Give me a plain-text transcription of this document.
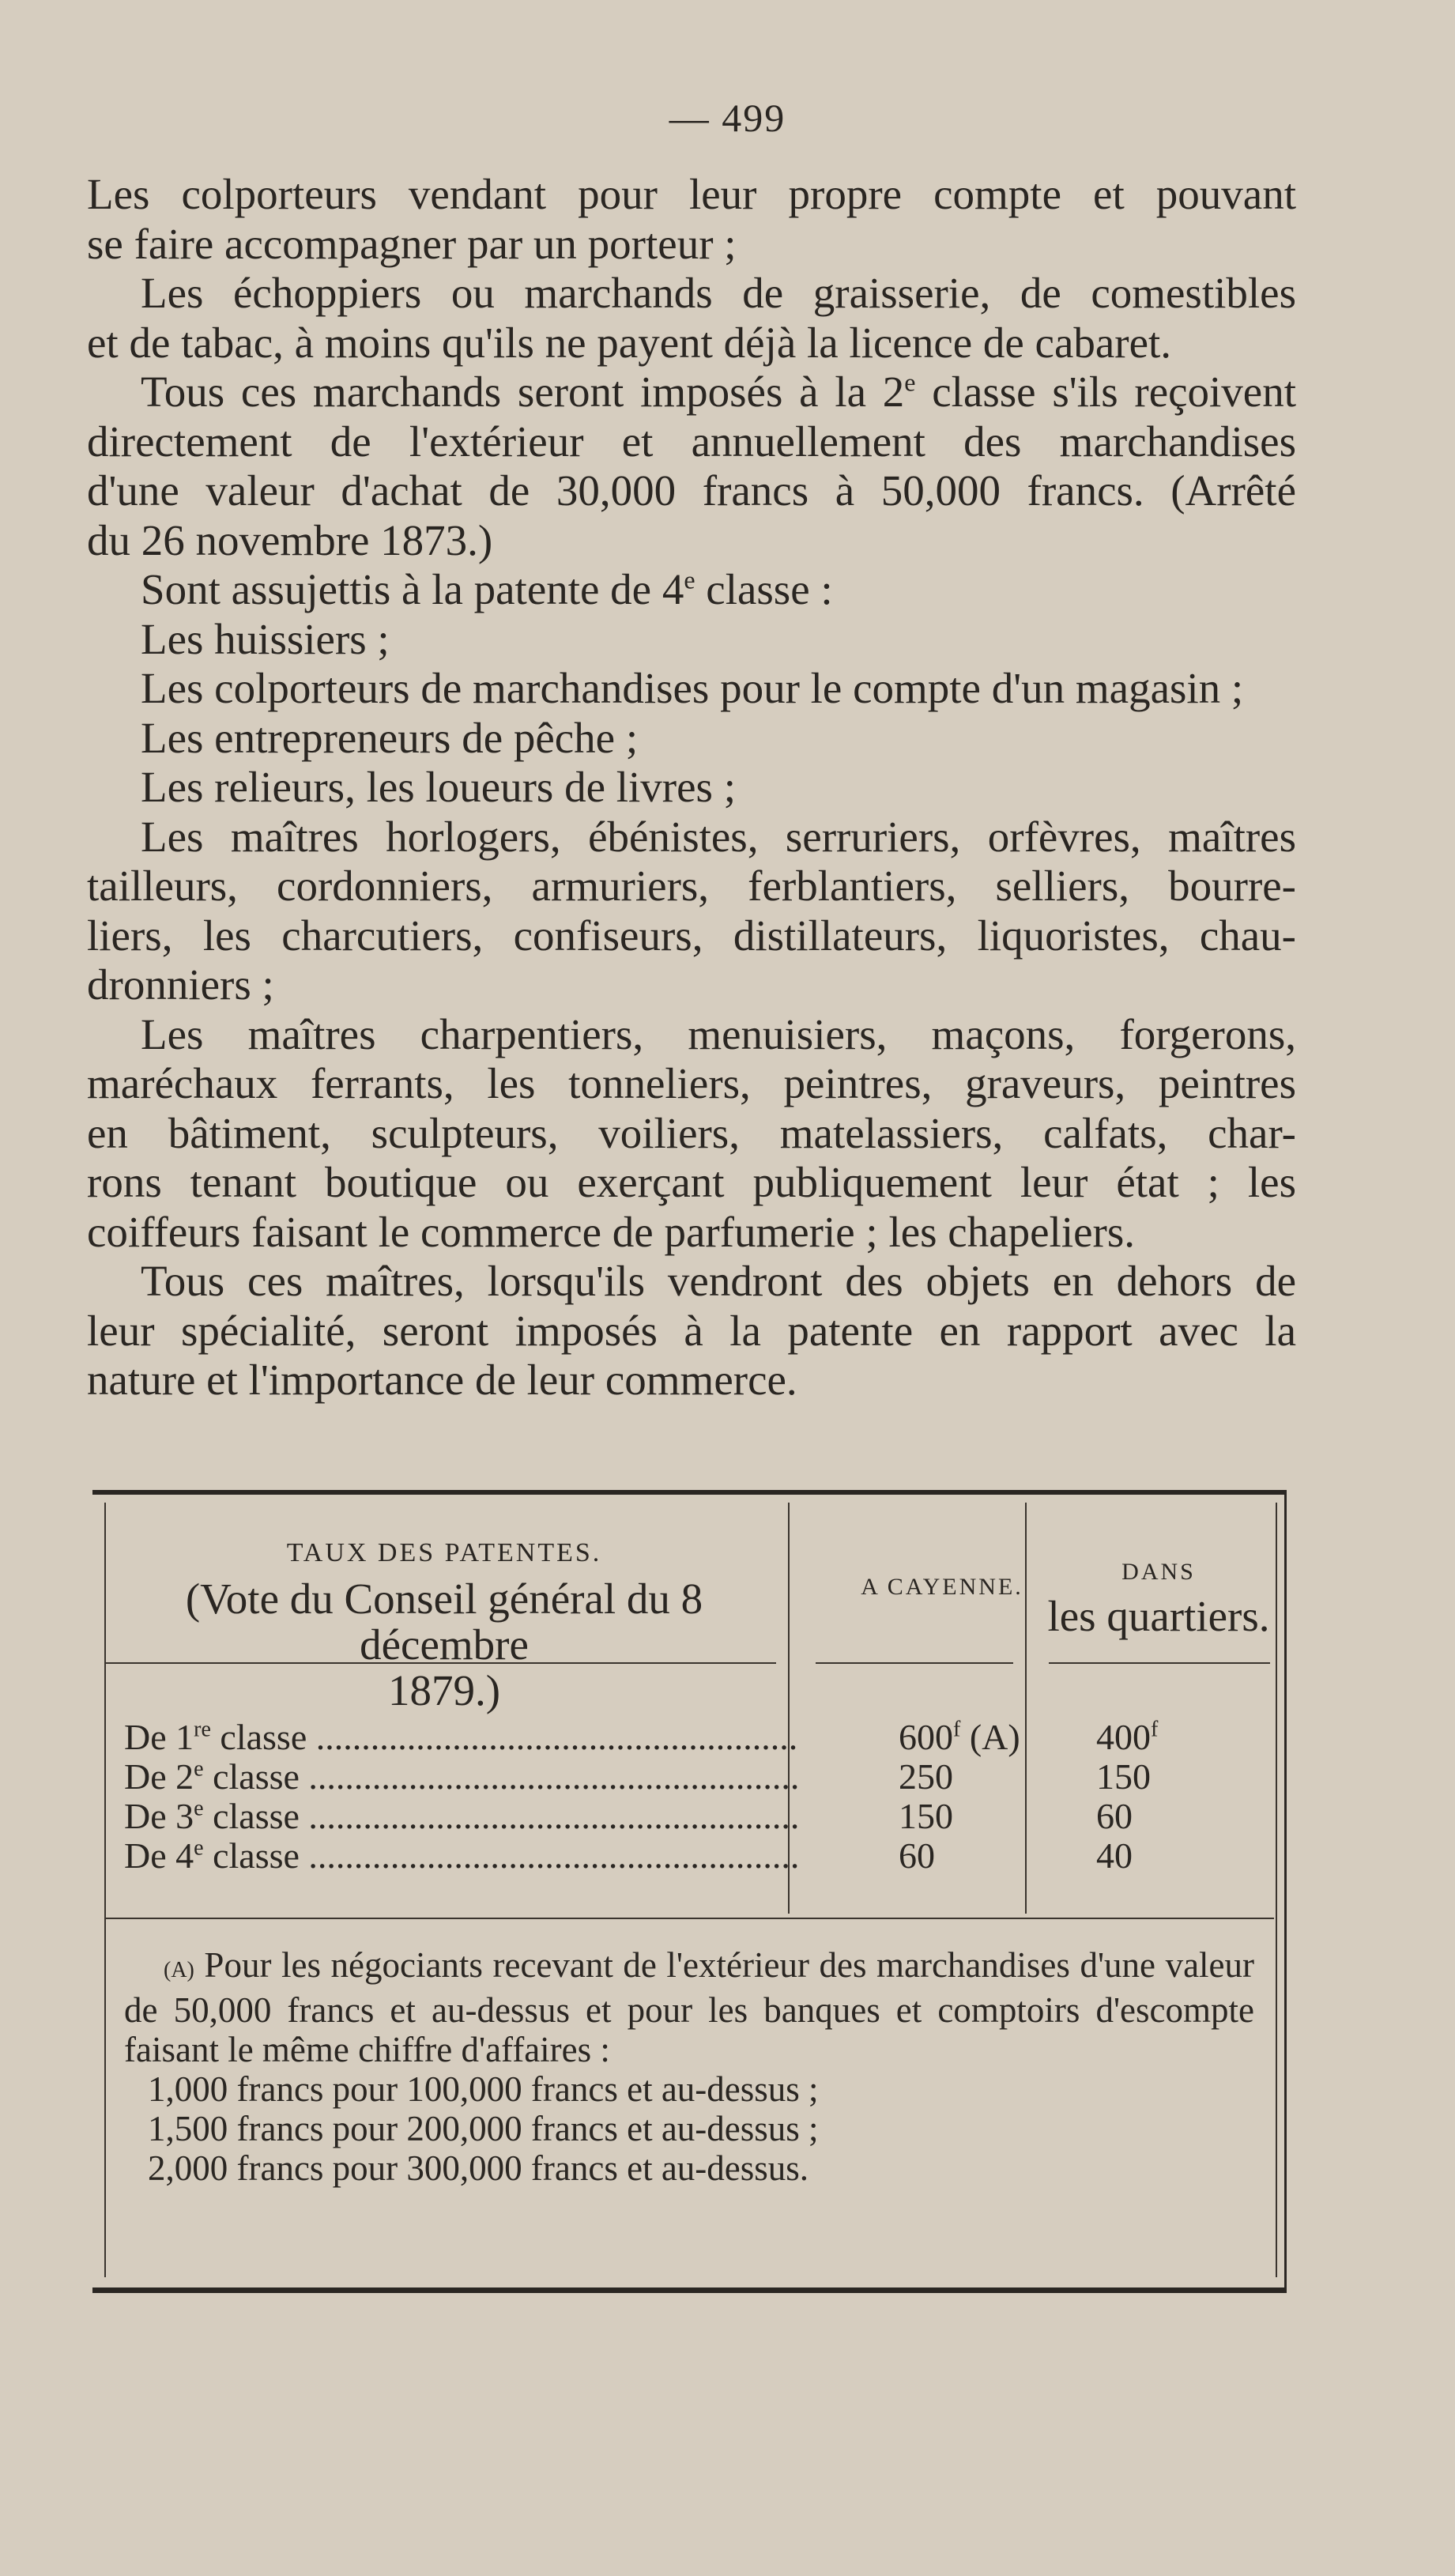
— 499

Les colporteurs vendant pour leur propre compte et pouvant

se faire accompagner par un porteur ;

Les échoppiers ou marchands de graisserie, de comestibles

et de tabac, à moins qu'ils ne payent déjà la licence de cabaret.

Tous ces marchands seront imposés à la 2e classe s'ils reçoivent

directement de l'extérieur et annuellement des marchandises

d'une valeur d'achat de 30,000 francs à 50,000 francs. (Arrêté

du 26 novembre 1873.)

Sont assujettis à la patente de 4e classe :

Les huissiers ;

Les colporteurs de marchandises pour le compte d'un magasin ;

Les entrepreneurs de pêche ;

Les relieurs, les loueurs de livres ;

Les maîtres horlogers, ébénistes, serruriers, orfèvres, maîtres

tailleurs, cordonniers, armuriers, ferblantiers, selliers, bourre-

liers, les charcutiers, confiseurs, distillateurs, liquoristes, chau-

dronniers ;

Les maîtres charpentiers, menuisiers, maçons, forgerons,

maréchaux ferrants, les tonneliers, peintres, graveurs, peintres

en bâtiment, sculpteurs, voiliers, matelassiers, calfats, char-

rons tenant boutique ou exerçant publiquement leur état ; les

coiffeurs faisant le commerce de parfumerie ; les chapeliers.

Tous ces maîtres, lorsqu'ils vendront des objets en dehors de

leur spécialité, seront imposés à la patente en rapport avec la

nature et l'importance de leur commerce.

TAUX DES PATENTES.
(Vote du Conseil général du 8 décembre
1879.)
A CAYENNE.
DANS
les quartiers.
De 1re classe .....	600$^f$ (A)	400$^f$
De 2e classe .....	250	150
De 3e classe .....	150	60
De 4e classe .....	60	40

(A) Pour les négociants recevant de l'extérieur des marchandises d'une valeur de 50,000 francs et au-dessus et pour les banques et comptoirs d'escompte faisant le même chiffre d'affaires :

1,000 francs pour 100,000 francs et au-dessus ;

1,500 francs pour 200,000 francs et au-dessus ;

2,000 francs pour 300,000 francs et au-dessus.
